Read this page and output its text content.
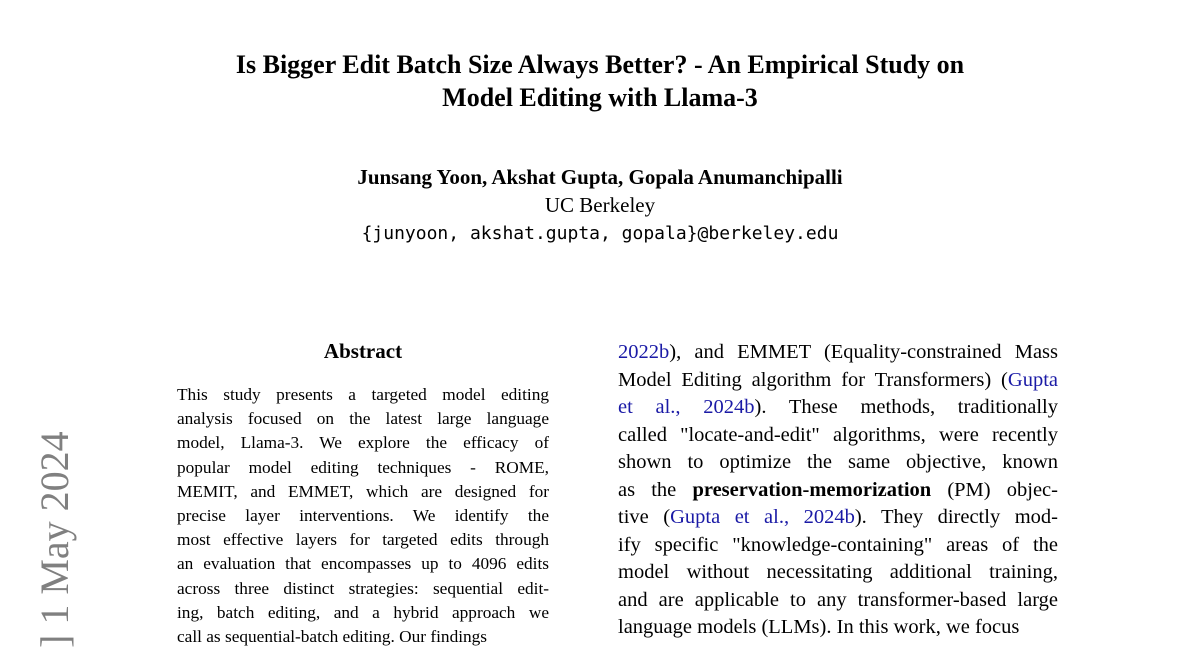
Is Bigger Edit Batch Size Always Better? - An Empirical Study on
Model Editing with Llama-3
Junsang Yoon, Akshat Gupta, Gopala Anumanchipalli
UC Berkeley
{junyoon, akshat.gupta, gopala}@berkeley.edu
Abstract
This study presents a targeted model editing
analysis focused on the latest large language
model, Llama-3. We explore the efficacy of
popular model editing techniques - ROME,
MEMIT, and EMMET, which are designed for
precise layer interventions. We identify the
most effective layers for targeted edits through
an evaluation that encompasses up to 4096 edits
across three distinct strategies: sequential edit-
ing, batch editing, and a hybrid approach we
call as sequential-batch editing. Our findings
2022b), and EMMET (Equality-constrained Mass
Model Editing algorithm for Transformers) (Gupta
et al., 2024b). These methods, traditionally
called "locate-and-edit" algorithms, were recently
shown to optimize the same objective, known
as the preservation-memorization (PM) objec-
tive (Gupta et al., 2024b). They directly mod-
ify specific "knowledge-containing" areas of the
model without necessitating additional training,
and are applicable to any transformer-based large
language models (LLMs). In this work, we focus
] 1 May 2024
